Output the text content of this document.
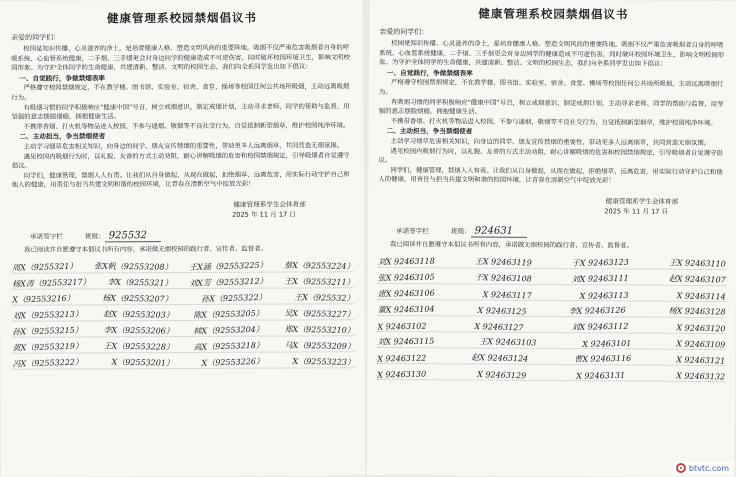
健康管理系校园禁烟倡议书
亲爱的同学们：

校园是知识传播、心灵滋养的净土，是培育健康人格、塑造文明风尚的重要阵地。吸烟不仅严重危害吸烟者自身的呼吸系统、心血管系统健康，二手烟、三手烟更会对身边同学的健康造成不可逆伤害，同时破坏校园环境卫生，影响文明校园形象。为守护全体同学的生命健康，共建清新、整洁、文明的校园生态，我们向全系同学发出如下倡议：

一、自觉践行，争做禁烟表率

严格遵守校园禁烟规定，不在教学楼、图书馆、实验室、宿舍、食堂、操场等校园任何公共场所吸烟，主动远离吸烟行为。

有吸烟习惯的同学积极响应“健康中国”号召，树立戒烟意识，制定戒烟计划，主动寻求老师、同学的帮助与监督，用坚强的意志摆脱烟瘾，拥抱健康生活。

不携带香烟、打火机等物品进入校园，不参与递烟、敬烟等不良社交行为，自觉抵制新型烟草，维护校园纯净环境。

二、主动担当，争当禁烟使者

主动学习烟草危害相关知识，向身边的同学、朋友宣传禁烟的重要性，带动更多人远离烟草，共同营造无烟氛围。

遇见校园内吸烟行为时，以礼貌、友善的方式主动劝阻，耐心讲解吸烟的危害和校园禁烟规定，引导吸烟者自觉遵守倡议。

同学们，健康管理，禁烟人人有责。让我们从自身做起，从现在做起，拒绝烟草、远离危害，用实际行动守护自己和他人的健康，用责任与担当共建文明和谐的校园环境，让青春在清新空气中绽放光彩！

健康管理系学生会体育部
2025 年 11 月 17 日
承诺签字栏	班级： 925532

我已阅读并自愿遵守本倡议书所有内容，承诺做无烟校园的践行者、宣传者、监督者。

周X（9255321） 张X帆（92553208） 王X涵（92553225） 蔡X（92553224）
杨X涛（92553217） 李X（9255321） 刘X芳（92553212） 王X（92553211）
X（92553216）	杨X（92553207）	孙X（9255322）	王X（925532）
刘X（92553213） 赵X（92553203） 陈X（92553205） 吴X（92553227）
孙X（92553215） 李X（92553206） 韩X（92553204） 郑X（92553210）
黄X（92553219） 王X（92553228） 高X（92553218） 马X（92553209）
冯X（92553222）	X（92553201）	X（92553226）	X（92553223）
健康管理系校园禁烟倡议书
亲爱的同学们：

校园是知识传播、心灵滋养的净土，是培育健康人格、塑造文明风尚的重要阵地。吸烟不仅严重危害吸烟者自身的呼吸系统、心血管系统健康，二手烟、三手烟更会对身边同学的健康造成不可逆伤害，同时破坏校园环境卫生，影响文明校园形象。为守护全体同学的生命健康，共建清新、整洁、文明的校园生态，我们向全系同学发出如下倡议：

一、自觉践行，争做禁烟表率

严格遵守校园禁烟规定，不在教学楼、图书馆、实验室、宿舍、食堂、操场等校园任何公共场所吸烟，主动远离吸烟行为。

有吸烟习惯的同学积极响应“健康中国”号召，树立戒烟意识，制定戒烟计划，主动寻求老师、同学的帮助与监督，用坚强的意志摆脱烟瘾，拥抱健康生活。

不携带香烟、打火机等物品进入校园，不参与递烟、敬烟等不良社交行为，自觉抵制新型烟草，维护校园纯净环境。

二、主动担当，争当禁烟使者

主动学习烟草危害相关知识，向身边的同学、朋友宣传禁烟的重要性，带动更多人远离烟草，共同营造无烟氛围。

遇见校园内吸烟行为时，以礼貌、友善的方式主动劝阻，耐心讲解吸烟的危害和校园禁烟规定，引导吸烟者自觉遵守倡议。

同学们，健康管理，禁烟人人有责。让我们从自身做起，从现在做起，拒绝烟草、远离危害，用实际行动守护自己和他人的健康，用责任与担当共建文明和谐的校园环境，让青春在清新空气中绽放光彩！

健康管理系学生会体育部
2025 年 11 月 17 日
承诺签字栏	班级： 924631

我已阅读并自愿遵守本倡议书所有内容，承诺做无烟校园的践行者、宣传者、监督者。

刘X 92463118	王X 92463119	于X 92463123	王X 92463110
张X 92463105	于X 92463108	刘X 92463111	赵X 92463107
唐X 92463106	X 92463117	X 92463113	X 92463114
董X 92463104	X 92463125	李X 92463126	杨X 92463128
X 92463102	X 92463127	刘X 92463112	X 92463120
刘X 92463115	王X 92463103	X 92463101	X 92463109
X 92463122	赵X 92463124	曹X 92463116	X 92463121
X 92463130	X 92463129	X 92463131	X 92463132
btvtc.com
